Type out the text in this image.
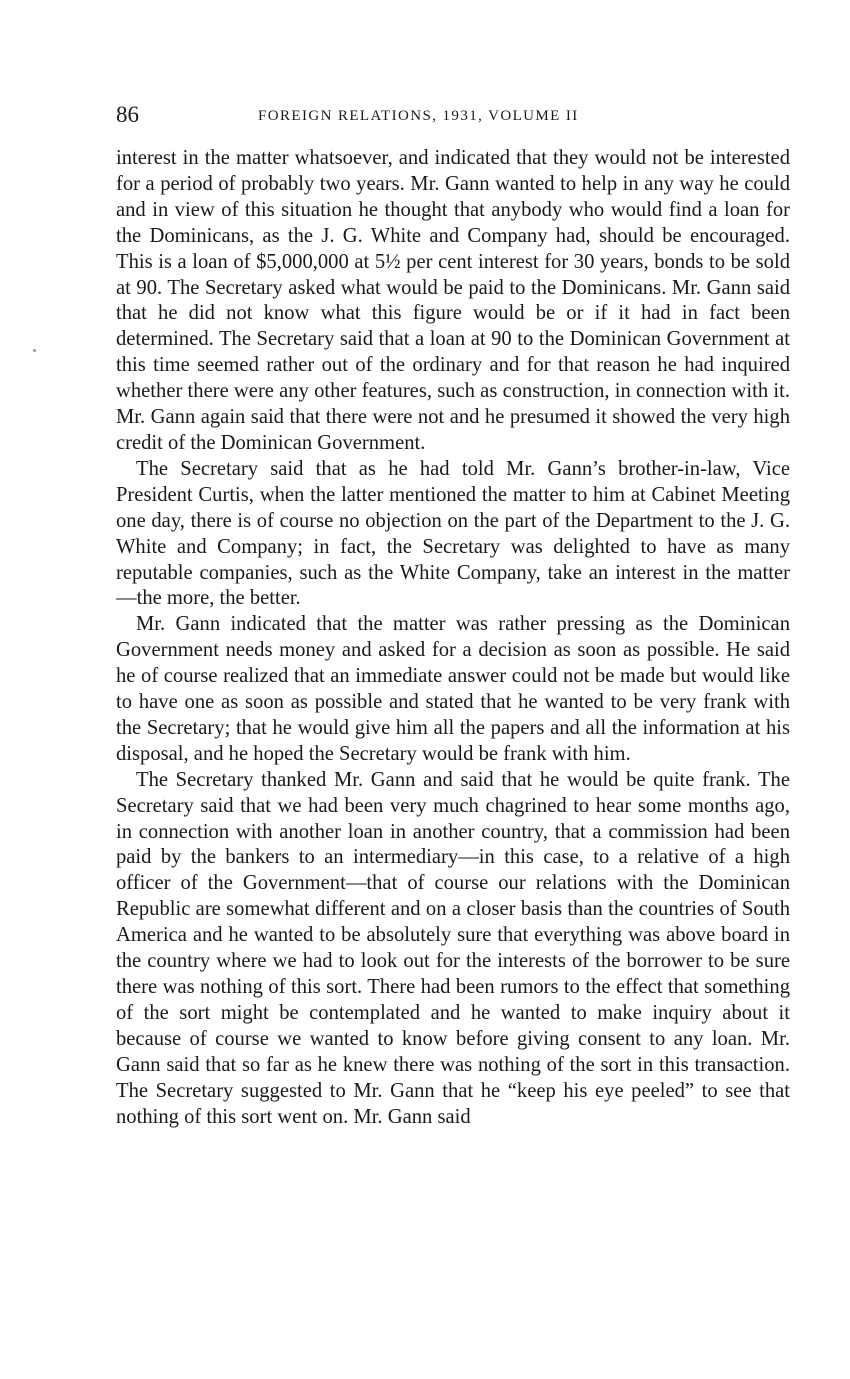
86	FOREIGN RELATIONS, 1931, VOLUME II

interest in the matter whatsoever, and indicated that they would not be interested for a period of probably two years. Mr. Gann wanted to help in any way he could and in view of this situation he thought that anybody who would find a loan for the Dominicans, as the J. G. White and Company had, should be encouraged. This is a loan of $5,000,000 at 5½ per cent interest for 30 years, bonds to be sold at 90. The Secretary asked what would be paid to the Dominicans. Mr. Gann said that he did not know what this figure would be or if it had in fact been determined. The Secretary said that a loan at 90 to the Dominican Government at this time seemed rather out of the ordinary and for that reason he had inquired whether there were any other features, such as construction, in connection with it. Mr. Gann again said that there were not and he presumed it showed the very high credit of the Dominican Government.

The Secretary said that as he had told Mr. Gann’s brother-in-law, Vice President Curtis, when the latter mentioned the matter to him at Cabinet Meeting one day, there is of course no objection on the part of the Department to the J. G. White and Company; in fact, the Secretary was delighted to have as many reputable companies, such as the White Company, take an interest in the matter—the more, the better.

Mr. Gann indicated that the matter was rather pressing as the Dominican Government needs money and asked for a decision as soon as possible. He said he of course realized that an immediate answer could not be made but would like to have one as soon as possible and stated that he wanted to be very frank with the Secretary; that he would give him all the papers and all the information at his disposal, and he hoped the Secretary would be frank with him.

The Secretary thanked Mr. Gann and said that he would be quite frank. The Secretary said that we had been very much chagrined to hear some months ago, in connection with another loan in another country, that a commission had been paid by the bankers to an intermediary—in this case, to a relative of a high officer of the Government—that of course our relations with the Dominican Republic are somewhat different and on a closer basis than the countries of South America and he wanted to be absolutely sure that everything was above board in the country where we had to look out for the interests of the borrower to be sure there was nothing of this sort. There had been rumors to the effect that something of the sort might be contemplated and he wanted to make inquiry about it because of course we wanted to know before giving consent to any loan. Mr. Gann said that so far as he knew there was nothing of the sort in this transaction. The Secretary suggested to Mr. Gann that he “keep his eye peeled” to see that nothing of this sort went on. Mr. Gann said
